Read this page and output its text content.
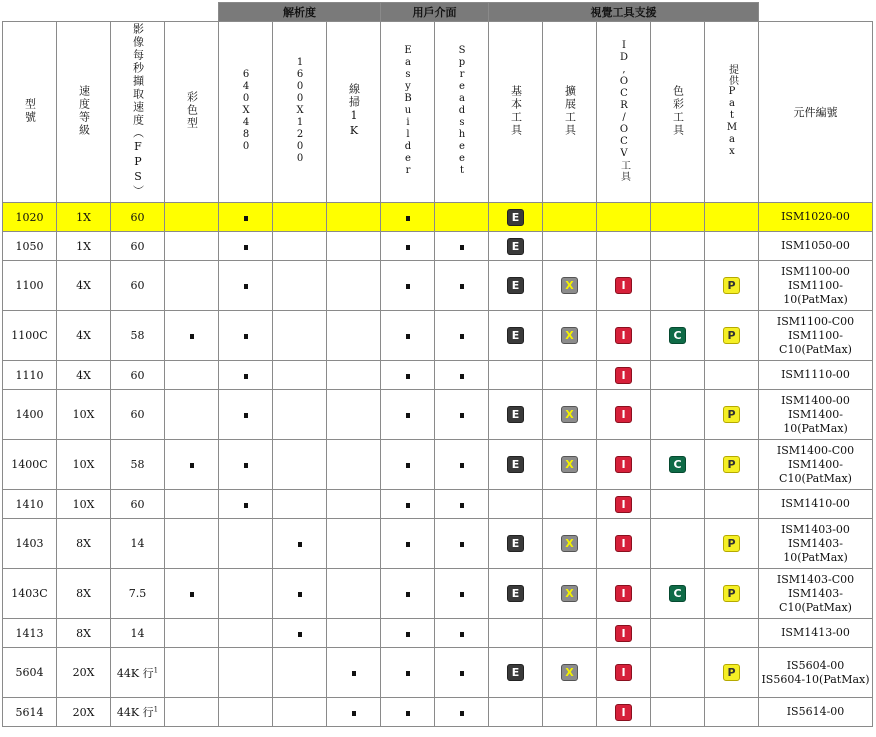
				解析度			用戶介面		視覺工具支援					
型號	速度等級	影像每秒擷取速度（FPS）	彩色型	640X480	1600X1200	線掃1K	EasyBuilder	Spreadsheet	基本工具	擴展工具	ID,OCR/OCV工具	色彩工具	提供PatMax	元件編號
1020	1X	60							E					ISM1020-00

1050	1X	60							E					ISM1050-00

1100	4X	60							E	X	I		P	ISM1100-00
ISM1100-10(PatMax)

1100C	4X	58							E	X	I	C	P	ISM1100-C00
ISM1100-
C10(PatMax)

1110	4X	60									I			ISM1110-00

1400	10X	60							E	X	I		P	ISM1400-00
ISM1400-10(PatMax)

1400C	10X	58							E	X	I	C	P	ISM1400-C00
ISM1400-
C10(PatMax)

1410	10X	60									I			ISM1410-00

1403	8X	14							E	X	I		P	ISM1403-00
ISM1403-10(PatMax)

1403C	8X	7.5							E	X	I	C	P	ISM1403-C00
ISM1403-
C10(PatMax)

1413	8X	14									I			ISM1413-00

5604	20X	44K 行$^1$							E	X	I		P	IS5604-00
IS5604-10(PatMax)

5614	20X	44K 行$^1$									I			IS5614-00
